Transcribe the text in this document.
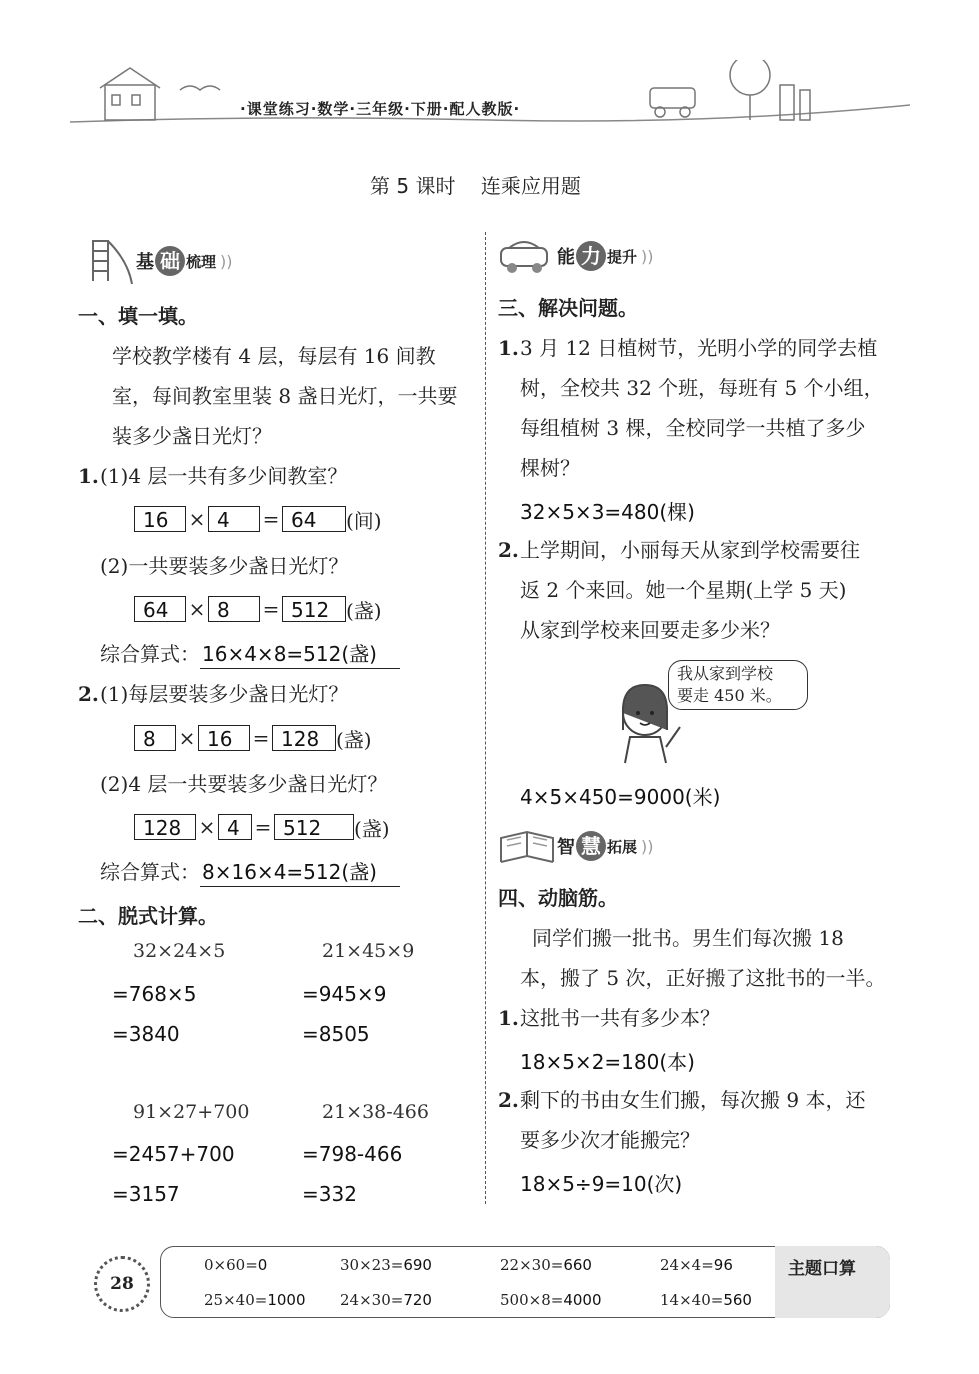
·课堂练习·数学·三年级·下册·配人教版·
第 5 课时    连乘应用题
基 础 梳理 ))
一、填一填。
学校教学楼有 4 层，每层有 16 间教
室，每间教室里装 8 盏日光灯，一共要
装多少盏日光灯？
1. (1)4 层一共有多少间教室？
16	× 4	= 64	(间)
(2)一共要装多少盏日光灯？
64	× 8	= 512 (盏)
综合算式： 16×4×8=512(盏)
2. (1)每层要装多少盏日光灯？
8	× 16	= 128 (盏)
(2)4 层一共要装多少盏日光灯？
128 × 4 = 512	(盏)
综合算式： 8×16×4=512(盏)
二、脱式计算。
32×24×5
=768×5
=3840
21×45×9
=945×9
=8505
91×27+700
=2457+700
=3157
21×38-466
=798-466
=332
能 力 提升 ))
三、解决问题。
1. 3 月 12 日植树节，光明小学的同学去植
树，全校共 32 个班，每班有 5 个小组，
每组植树 3 棵，全校同学一共植了多少
棵树？
32×5×3=480(棵)
2. 上学期间，小丽每天从家到学校需要往
返 2 个来回。她一个星期(上学 5 天)
从家到学校来回要走多少米？
我从家到学校
要走 450 米。
4×5×450=9000(米)
智 慧 拓展 ))
四、动脑筋。
同学们搬一批书。男生们每次搬 18
本，搬了 5 次，正好搬了这批书的一半。
1. 这批书一共有多少本？
18×5×2=180(本)
2. 剩下的书由女生们搬，每次搬 9 本，还
要多少次才能搬完？
18×5÷9=10(次)
28
主题口算
0×60=0	30×23=690	22×30=660	24×4=96
25×40=1000 24×30=720	500×8=4000	14×40=560
